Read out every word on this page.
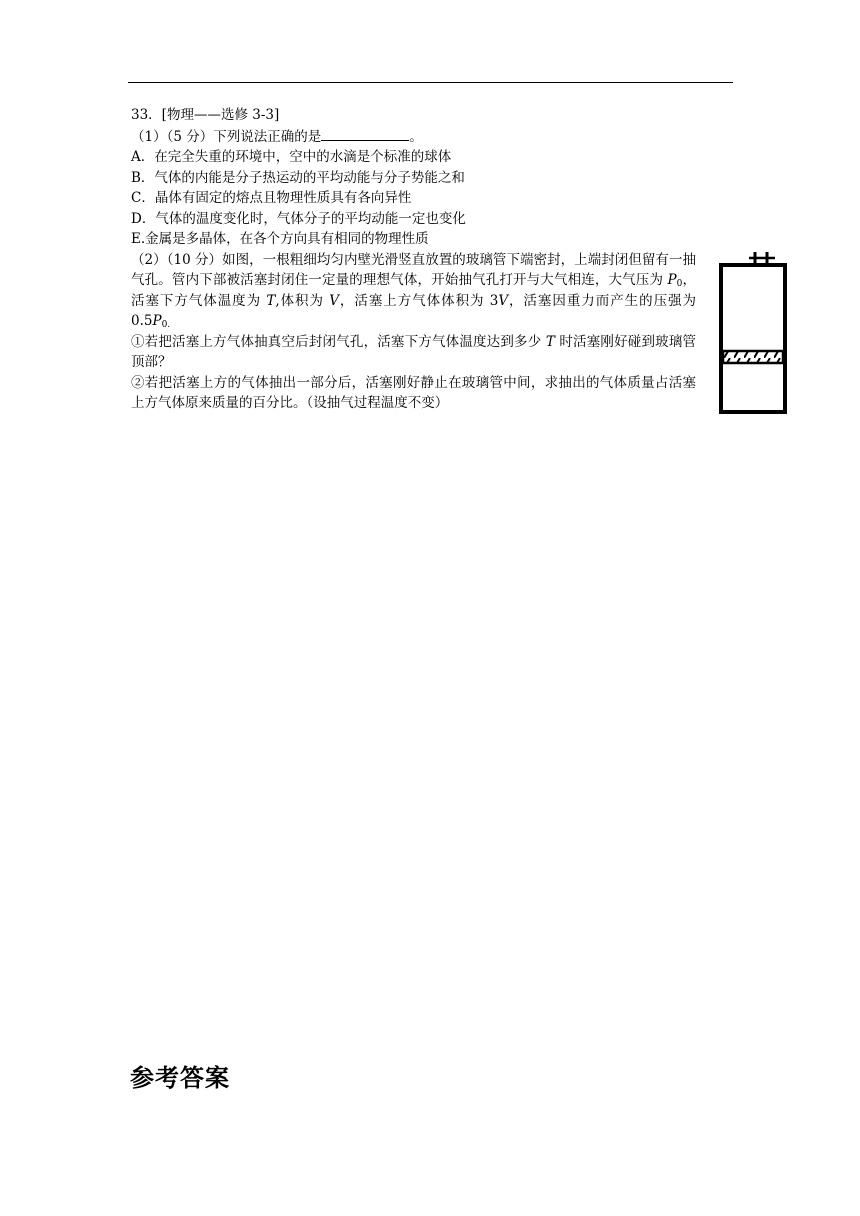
33．[物理——选修 3-3]
（1）（5 分）下列说法正确的是	。
A．在完全失重的环境中，空中的水滴是个标准的球体
B．气体的内能是分子热运动的平均动能与分子势能之和
C．晶体有固定的熔点且物理性质具有各向异性
D．气体的温度变化时，气体分子的平均动能一定也变化
E.金属是多晶体，在各个方向具有相同的物理性质
（2）（10 分）如图，一根粗细均匀内壁光滑竖直放置的玻璃管下端密封，上端封闭但留有一抽气孔。管内下部被活塞封闭住一定量的理想气体，开始抽气孔打开与大气相连，大气压为 $P_0$，活塞下方气体温度为 T,体积为 V，活塞上方气体体积为 3V，活塞因重力而产生的压强为 $0.5P_{0.}$
①若把活塞上方气体抽真空后封闭气孔，活塞下方气体温度达到多少 T 时活塞刚好碰到玻璃管顶部？
②若把活塞上方的气体抽出一部分后，活塞刚好静止在玻璃管中间，求抽出的气体质量占活塞上方气体原来质量的百分比。（设抽气过程温度不变）
参考答案
